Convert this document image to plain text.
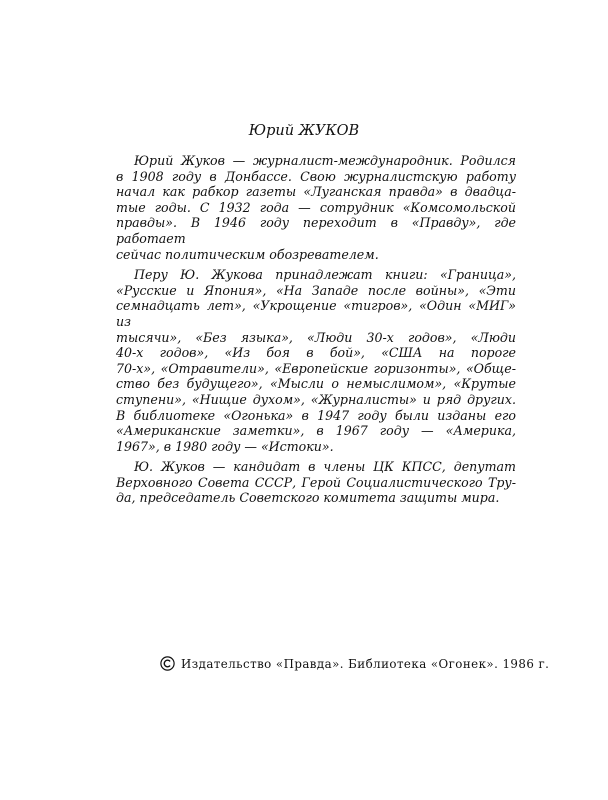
Юрий ЖУКОВ
Юрий Жуков — журналист-международник. Родился
в 1908 году в Донбассе. Свою журналистскую работу
начал как рабкор газеты «Луганская правда» в двадца-
тые годы. С 1932 года — сотрудник «Комсомольской
правды». В 1946 году переходит в «Правду», где работает
сейчас политическим обозревателем.
Перу Ю. Жукова принадлежат книги: «Граница»,
«Русские и Япония», «На Западе после войны», «Эти
семнадцать лет», «Укрощение «тигров», «Один «МИГ» из
тысячи», «Без языка», «Люди 30-х годов», «Люди
40-х годов», «Из боя в бой», «США на пороге
70-х», «Отравители», «Европейские горизонты», «Обще-
ство без будущего», «Мысли о немыслимом», «Крутые
ступени», «Нищие духом», «Журналисты» и ряд других.
В библиотеке «Огонька» в 1947 году были изданы его
«Американские заметки», в 1967 году — «Америка,
1967», в 1980 году — «Истоки».
Ю. Жуков — кандидат в члены ЦК КПСС, депутат
Верховного Совета СССР, Герой Социалистического Тру-
да, председатель Советского комитета защиты мира.
Издательство «Правда». Библиотека «Огонек». 1986 г.
